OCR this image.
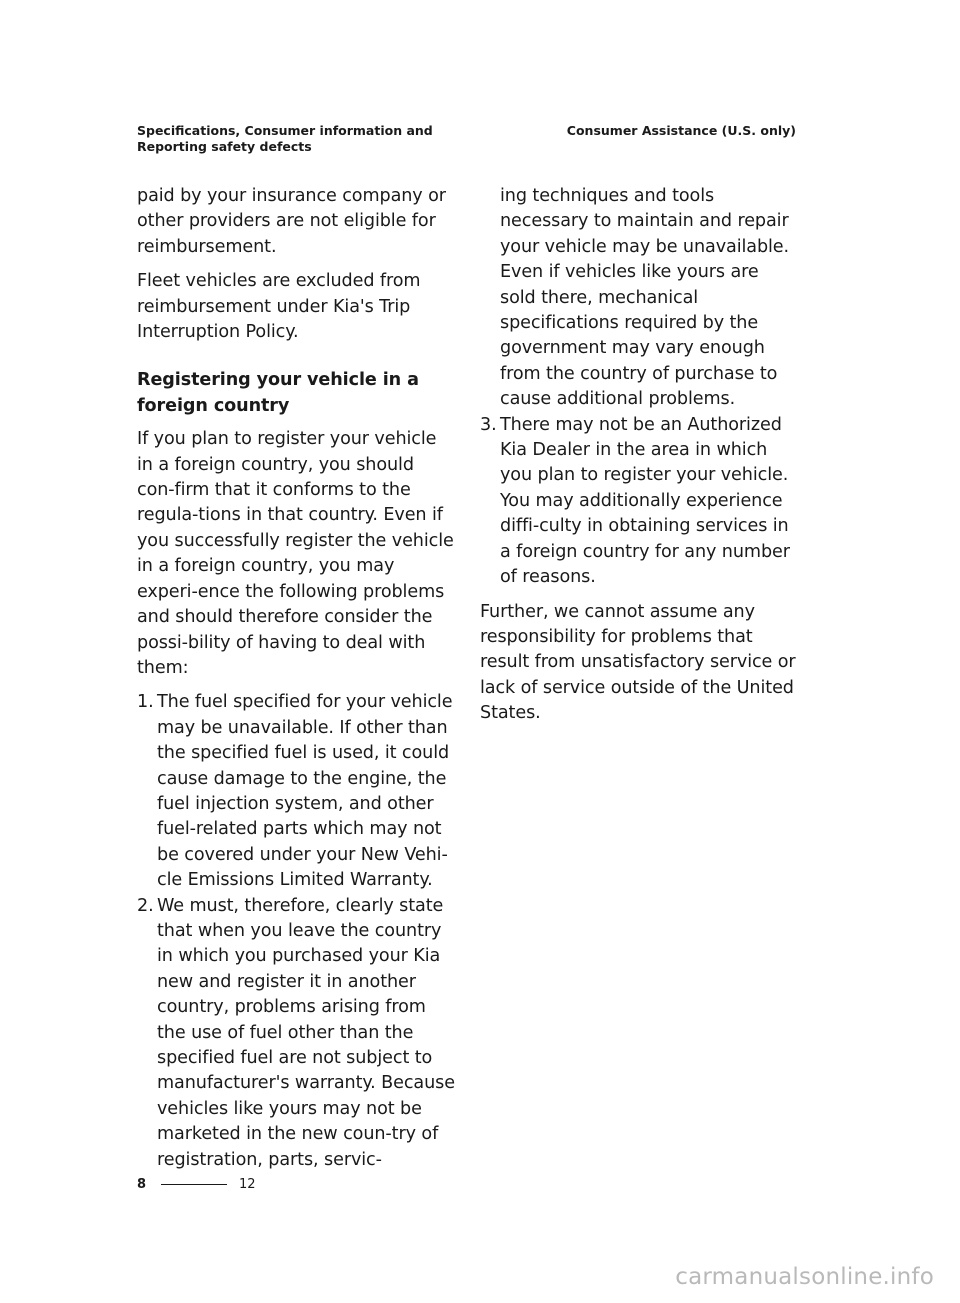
Specifications, Consumer information and Reporting safety defects
Consumer Assistance (U.S. only)

paid by your insurance company or other providers are not eligible for reimbursement.

Fleet vehicles are excluded from reimbursement under Kia's Trip Interruption Policy.

Registering your vehicle in a foreign country

If you plan to register your vehicle in a foreign country, you should con-firm that it conforms to the regula-tions in that country. Even if you successfully register the vehicle in a foreign country, you may experi-ence the following problems and should therefore consider the possi-bility of having to deal with them:

1. The fuel specified for your vehicle may be unavailable. If other than the specified fuel is used, it could cause damage to the engine, the fuel injection system, and other fuel-related parts which may not be covered under your New Vehi-cle Emissions Limited Warranty.
2. We must, therefore, clearly state that when you leave the country in which you purchased your Kia new and register it in another country, problems arising from the use of fuel other than the specified fuel are not subject to manufacturer's warranty. Because vehicles like yours may not be marketed in the new coun-try of registration, parts, servic-

ing techniques and tools necessary to maintain and repair your vehicle may be unavailable. Even if vehicles like yours are sold there, mechanical specifications required by the government may vary enough from the country of purchase to cause additional problems.

3. There may not be an Authorized Kia Dealer in the area in which you plan to register your vehicle. You may additionally experience diffi-culty in obtaining services in a foreign country for any number of reasons.

Further, we cannot assume any responsibility for problems that result from unsatisfactory service or lack of service outside of the United States.

8	12
carmanualsonline.info
